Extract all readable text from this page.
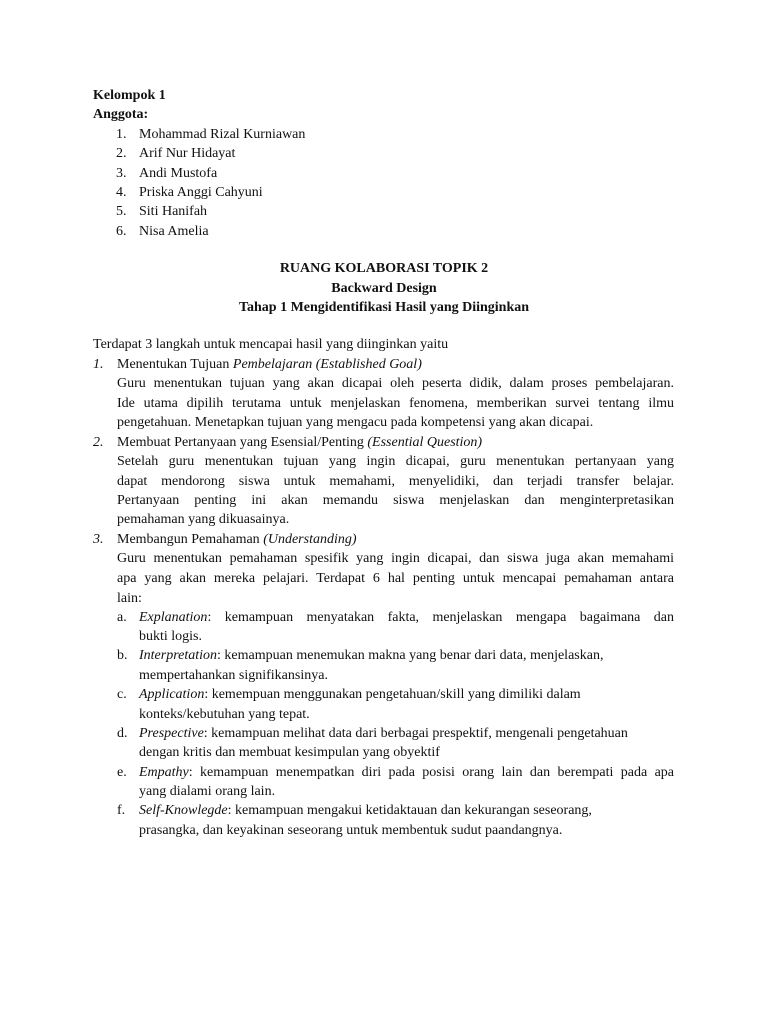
Kelompok 1
Anggota:
1. Mohammad Rizal Kurniawan
2. Arif Nur Hidayat
3. Andi Mustofa
4. Priska Anggi Cahyuni
5. Siti Hanifah
6. Nisa Amelia
RUANG KOLABORASI TOPIK 2
Backward Design
Tahap 1 Mengidentifikasi Hasil yang Diinginkan
Terdapat 3 langkah untuk mencapai hasil yang diinginkan yaitu
1. Menentukan Tujuan Pembelajaran (Established Goal)
Guru menentukan tujuan yang akan dicapai oleh peserta didik, dalam proses pembelajaran.
Ide utama dipilih terutama untuk menjelaskan fenomena, memberikan survei tentang ilmu
pengetahuan. Menetapkan tujuan yang mengacu pada kompetensi yang akan dicapai.
2. Membuat Pertanyaan yang Esensial/Penting (Essential Question)
Setelah guru menentukan tujuan yang ingin dicapai, guru menentukan pertanyaan yang
dapat mendorong siswa untuk memahami, menyelidiki, dan terjadi transfer belajar.
Pertanyaan penting ini akan memandu siswa menjelaskan dan menginterpretasikan
pemahaman yang dikuasainya.
3. Membangun Pemahaman (Understanding)
Guru menentukan pemahaman spesifik yang ingin dicapai, dan siswa juga akan memahami
apa yang akan mereka pelajari. Terdapat 6 hal penting untuk mencapai pemahaman antara
lain:
a. Explanation: kemampuan menyatakan fakta, menjelaskan mengapa bagaimana dan
bukti logis.
b. Interpretation: kemampuan menemukan makna yang benar dari data, menjelaskan,
mempertahankan signifikansinya.
c. Application: kemempuan menggunakan pengetahuan/skill yang dimiliki dalam
konteks/kebutuhan yang tepat.
d. Prespective: kemampuan melihat data dari berbagai prespektif, mengenali pengetahuan
dengan kritis dan membuat kesimpulan yang obyektif
e. Empathy: kemampuan menempatkan diri pada posisi orang lain dan berempati pada apa
yang dialami orang lain.
f. Self-Knowlegde: kemampuan mengakui ketidaktauan dan kekurangan seseorang,
prasangka, dan keyakinan seseorang untuk membentuk sudut paandangnya.
